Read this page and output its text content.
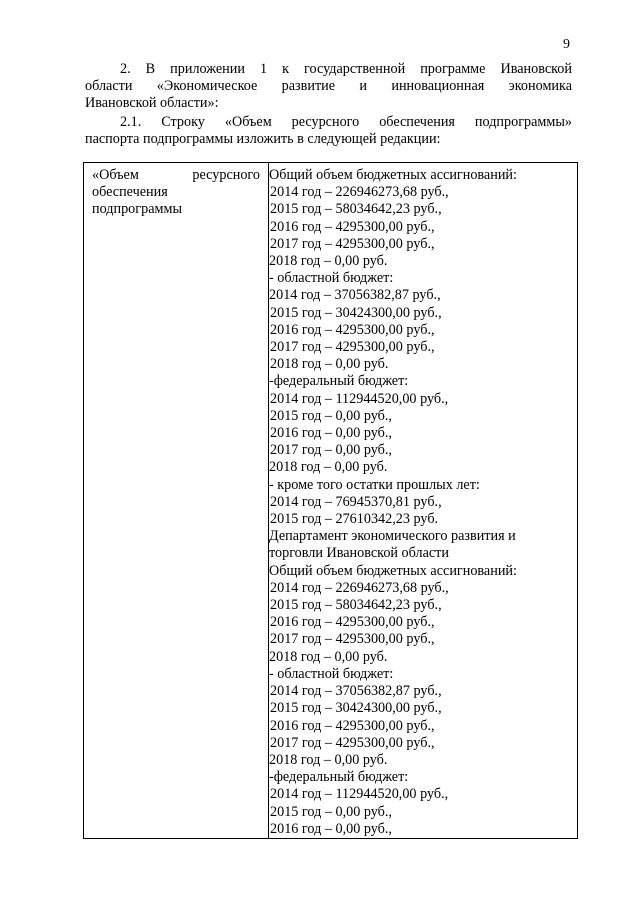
9
2. В приложении 1 к государственной программе Ивановской
области «Экономическое развитие и инновационная экономика
Ивановской области»:
2.1. Строку «Объем ресурсного обеспечения подпрограммы»
паспорта подпрограммы изложить в следующей редакции:
«Объем ресурсного
обеспечения
подпрограммы
Общий объем бюджетных ассигнований:
2014 год – 226946273,68 руб.,
2015 год – 58034642,23 руб.,
2016 год – 4295300,00 руб.,
2017 год – 4295300,00 руб.,
2018 год – 0,00 руб.
- областной бюджет:
2014 год – 37056382,87 руб.,
2015 год – 30424300,00 руб.,
2016 год – 4295300,00 руб.,
2017 год – 4295300,00 руб.,
2018 год – 0,00 руб.
-федеральный бюджет:
2014 год – 112944520,00 руб.,
2015 год – 0,00 руб.,
2016 год – 0,00 руб.,
2017 год – 0,00 руб.,
2018 год – 0,00 руб.
- кроме того остатки прошлых лет:
2014 год – 76945370,81 руб.,
2015 год – 27610342,23 руб.
Департамент экономического развития и
торговли Ивановской области
Общий объем бюджетных ассигнований:
2014 год – 226946273,68 руб.,
2015 год – 58034642,23 руб.,
2016 год – 4295300,00 руб.,
2017 год – 4295300,00 руб.,
2018 год – 0,00 руб.
- областной бюджет:
2014 год – 37056382,87 руб.,
2015 год – 30424300,00 руб.,
2016 год – 4295300,00 руб.,
2017 год – 4295300,00 руб.,
2018 год – 0,00 руб.
-федеральный бюджет:
2014 год – 112944520,00 руб.,
2015 год – 0,00 руб.,
2016 год – 0,00 руб.,
